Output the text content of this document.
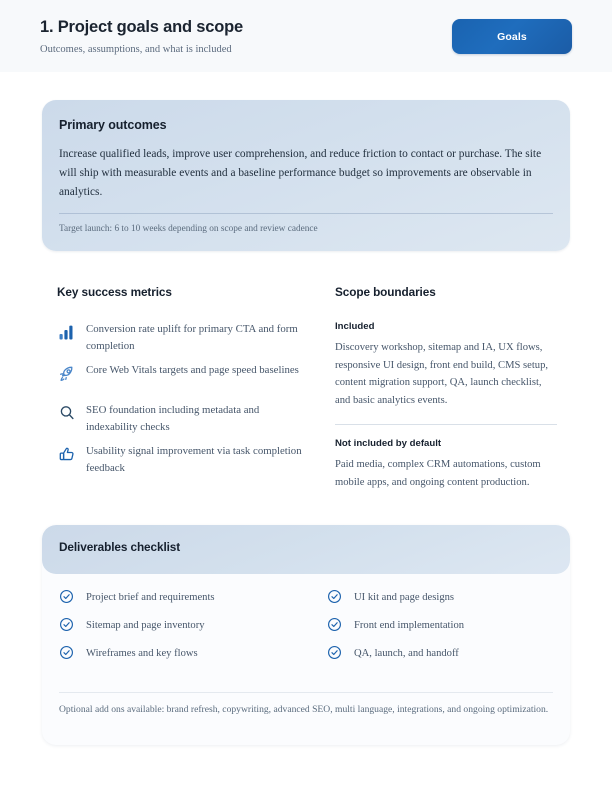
1. Project goals and scope
Outcomes, assumptions, and what is included
Goals
Primary outcomes
Increase qualified leads, improve user comprehension, and reduce friction to contact or purchase. The site will ship with measurable events and a baseline performance budget so improvements are observable in analytics.
Target launch: 6 to 10 weeks depending on scope and review cadence
Key success metrics
Conversion rate uplift for primary CTA and form completion
Core Web Vitals targets and page speed baselines
SEO foundation including metadata and indexability checks
Usability signal improvement via task completion feedback
Scope boundaries
Included

Discovery workshop, sitemap and IA, UX flows, responsive UI design, front end build, CMS setup, content migration support, QA, launch checklist, and basic analytics events.

Not included by default

Paid media, complex CRM automations, custom mobile apps, and ongoing content production.

Deliverables checklist
Project brief and requirements
Sitemap and page inventory
Wireframes and key flows
UI kit and page designs
Front end implementation
QA, launch, and handoff
Optional add ons available: brand refresh, copywriting, advanced SEO, multi language, integrations, and ongoing optimization.
